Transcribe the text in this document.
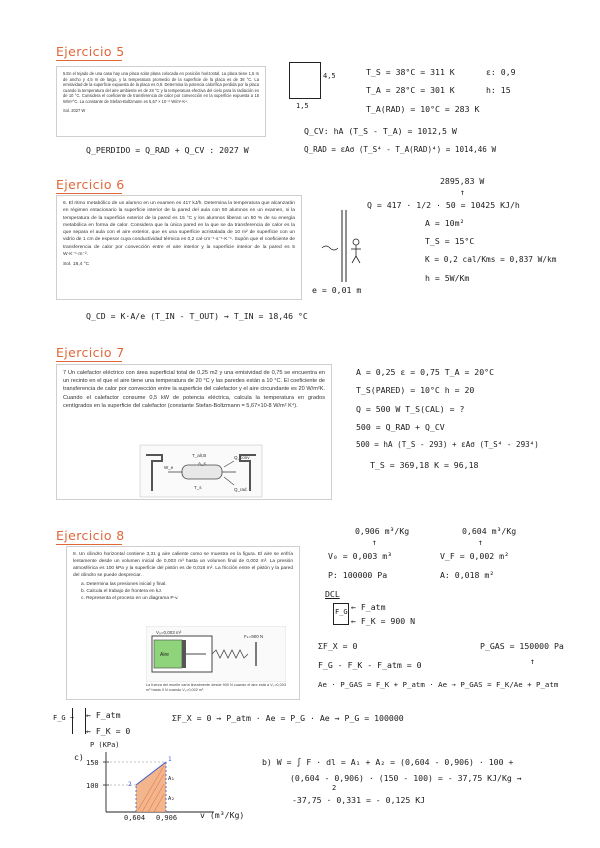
Ejercicio 5

5.En el tejado de una casa hay una placa solar plana colocada en posición horizontal. La placa tiene 1,5 m de ancho y 4,5 m de largo, y la temperatura promedio de la superficie de la placa es de 38 °C. La emisividad de la superficie expuesta de la placa es 0,9. Determina la potencia calorífica perdida por la placa cuando la temperatura del aire ambiente es de 28 °C y la temperatura efectiva del cielo para la radiación es de 10 °C. Considera el coeficiente de transferencia de calor por convección en la superficie expuesta a 15 W/m²°C. La constante de Stefan-Boltzmann es 5,67 × 10⁻⁸ W/m²·K⁴.

Sol. 2027 W

4,5
1,5
T_S = 38°C = 311 K	ε: 0,9
T_A = 28°C = 301 K	h: 15
T_A(RAD) = 10°C = 283 K
Q_CV: hA (T_S - T_A) = 1012,5 W
Q_RAD = εAσ (T_S⁴ - T_A(RAD)⁴) = 1014,46 W
Q_PERDIDO = Q_RAD + Q_CV : 2027 W
Ejercicio 6

6. El ritmo metabólico de un alumno en un examen es 417 kJ/h. Determina la temperatura que alcanzarán en régimen estacionario la superficie interior de la pared del aula con 50 alumnos en un examen, si la temperatura de la superficie exterior de la pared es 15 °C y los alumnos liberan un 50 % de su energía metabólica en forma de calor. Considera que la única pared en la que se da transferencia de calor es la que separa el aula con el aire exterior, que es una superficie acristalada de 10 m² de superficie con un vidrio de 1 cm de espesor cuya conductividad térmica es 0,2 cal·cm⁻¹·s⁻¹·K⁻¹. Supón que el coeficiente de transferencia de calor por convección entre el aire interior y la superficie interior de la pared es 5 W·K⁻¹·m⁻².

Sol. 18,4 °C

2895,83 W
↑
Q = 417 · 1/2 · 50 = 10425 KJ/h
A = 10m²
T_S = 15°C
K = 0,2 cal/Kms = 0,837 W/km
h = 5W/Km
e = 0,01 m
Q_CD = K·A/e (T_IN - T_OUT) → T_IN = 18,46 °C
Ejercicio 7

7 Un calefactor eléctrico con área superficial total de 0,25 m2 y una emisividad de 0,75 se encuentra en un recinto en el que el aire tiene una temperatura de 20 °C y las paredes están a 10 °C. El coeficiente de transferencia de calor por convección entre la superficie del calefactor y el aire circundante es 20 W/m²K. Cuando el calefactor consume 0,5 kW de potencia eléctrica, calcula la temperatura en grados centígrados en la superficie del calefactor (constante Stefan-Boltzmann = 5,67×10-8 W/m² K⁴).

T_alr,B
A_s
Q_conv
W_e
T_s	Q_rad
A = 0,25 ε = 0,75 T_A = 20°C
T_S(PARED) = 10°C h = 20
Q = 500 W T_S(CAL) = ?
500 = Q_RAD + Q_CV
500 = hA (T_S - 293) + εAσ (T_S⁴ - 293⁴)
T_S = 369,18 K = 96,18
Ejercicio 8

8. Un cilindro horizontal contiene 3,31 g aire caliente como se muestra en la figura. El aire se enfría lentamente desde un volumen inicial de 0,003 m³ hasta un volumen final de 0,002 m³. La presión atmosférica es 100 kPa y la superficie del pistón es de 0,018 m². La fricción entre el pistón y la pared del cilindro se puede despreciar.

a. Determina las presiones inicial y final.
b. Calcula el trabajo de frontera en kJ.
c. Representa el proceso en un diagrama P-v.
V₀=0,003 m³
Fₖ=900 N
Aire
La fuerza del muelle varía linealmente desde 900 N cuando el aire está a V₀=0,003 m³ hasta 0 N cuando V₁=0,002 m³
0,906 m³/Kg
↑
0,604 m³/Kg
↑
V₀ = 0,003 m³	V_F = 0,002 m²
P: 100000 Pa	A: 0,018 m²
DCL
F_G ← F_atm
← F_K = 900 N
ΣF_X = 0	P_GAS = 150000 Pa
↑
F_G - F_K - F_atm = 0
Ae · P_GAS = F_K + P_atm · Ae → P_GAS = F_K/Ae + P_atm
F_G ~ ← F_atm
← F_K = 0
ΣF_X = 0 → P_atm · Ae = P_G · Ae → P_G = 100000
P (KPa)
c)	1
2
A₁
A₂
150
100
0,604 0,906	v (m³/Kg)
b) W = ∫ F · dl = A₁ + A₂ = (0,604 - 0,906) · 100 +
(0,604 - 0,906) · (150 - 100) = - 37,75 KJ/Kg →
2
-37,75 · 0,331 = - 0,125 KJ
